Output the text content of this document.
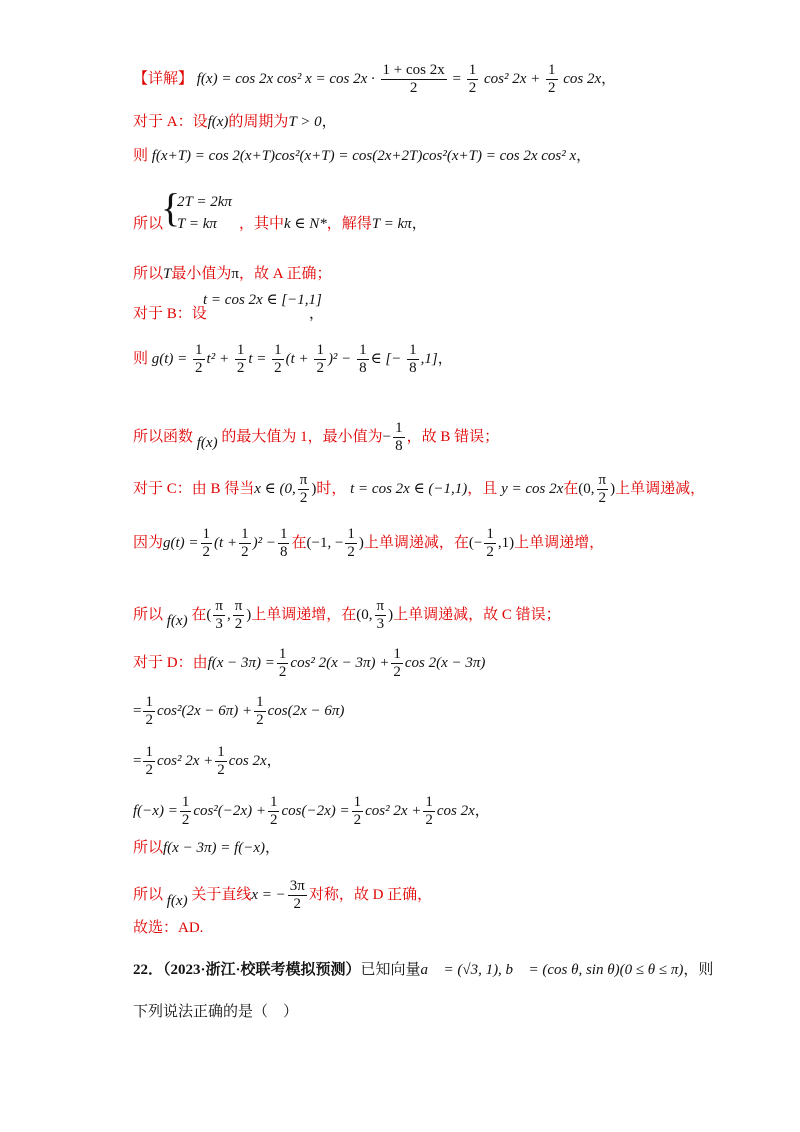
【详解】 f(x) = cos 2x cos² $x = \cos 2x \cdot \frac{1 + \cos 2x}{2} = \frac{1}{2} \cos^2$ $2x + \frac{1}{2}$ cos 2x，
对于 A：设f(x)的周期为T > 0，
则 f(x+T) = cos 2(x+T)cos²(x+T) = cos(2x+2T)cos²(x+T) = cos 2x cos² x，
所以
{
2T = 2kπ
T = kπ ，其中k ∈ N*，解得T = kπ，
所以T最小值为π，故 A 正确；
对于 B：设
t = cos 2x ∈ [−1,1]
，
则 $g(t) = \frac{1}{2} t^2 + \frac{1}{2}$ $t = \frac{1}{2} (t + \frac{1}{2} )^2 - \frac{1}{8}$ ∈ [− $\frac{1}{8} ,1$]，
所以函数 f(x) 的最大值为 1，最小值为− $\frac{1}{8}$ ，故 B 错误；
对于 C：由 B 得当x ∈ (0, $\frac{\pi}{2}$ )时， t = cos 2x ∈ (−1,1)，且 y = cos 2x在(0, $\frac{\pi}{2}$ )上单调递减，
因为$g(t) = \frac{1}{2} (t + \frac{1}{2} )^2 - \frac{1}{8}$ 在(−1, − $\frac{1}{2}$ )上单调递减，在(− $\frac{1}{2} ,1$)上单调递增，
所以 f(x) 在( $\frac{\pi}{3}$ , $\frac{\pi}{2}$ )上单调递增，在(0, $\frac{\pi}{3}$ )上单调递减，故 C 错误；
对于 D：由$f(x - 3\pi) = \frac{1}{2} \cos^2$ $2(x - 3\pi) + \frac{1}{2}$ cos 2(x − 3π)
= $\frac{1}{2} \cos^2(2x - 6\pi) + \frac{1}{2} \cos(2x - 6\pi)$
= $\frac{1}{2} \cos^2$ $2x + \frac{1}{2}$ cos 2x，
$f(-x) = \frac{1}{2} \cos^2(-2x) + \frac{1}{2} \cos(-2x) = \frac{1}{2} \cos^2$ $2x + \frac{1}{2}$ cos 2x，
所以f(x − 3π) = f(−x)，
所以 f(x) 关于直线x = − $\frac{3\pi}{2}$ 对称，故 D 正确，
故选：AD.
22．（2023·浙江·校联考模拟预测）已知向量a⃗ = (√3, 1), b⃗ = (cos θ, sin θ)(0 ≤ θ ≤ π)，则
下列说法正确的是（　）
